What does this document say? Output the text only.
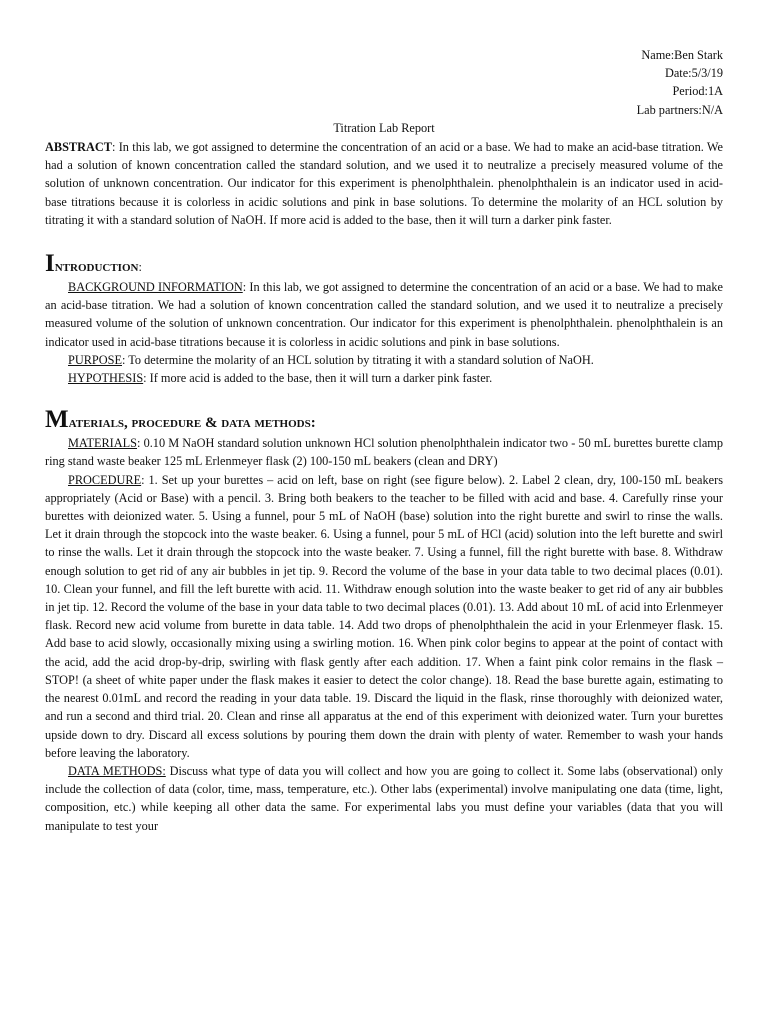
Name:Ben Stark
Date:5/3/19
Period:1A
Lab partners:N/A
Titration Lab Report

ABSTRACT: In this lab, we got assigned to determine the concentration of an acid or a base. We had to make an acid-base titration. We had a solution of known concentration called the standard solution, and we used it to neutralize a precisely measured volume of the solution of unknown concentration. Our indicator for this experiment is phenolphthalein. phenolphthalein is an indicator used in acid-base titrations because it is colorless in acidic solutions and pink in base solutions. To determine the molarity of an HCL solution by titrating it with a standard solution of NaOH. If more acid is added to the base, then it will turn a darker pink faster.

Introduction:

BACKGROUND INFORMATION: In this lab, we got assigned to determine the concentration of an acid or a base. We had to make an acid-base titration. We had a solution of known concentration called the standard solution, and we used it to neutralize a precisely measured volume of the solution of unknown concentration. Our indicator for this experiment is phenolphthalein. phenolphthalein is an indicator used in acid-base titrations because it is colorless in acidic solutions and pink in base solutions.

PURPOSE: To determine the molarity of an HCL solution by titrating it with a standard solution of NaOH.

HYPOTHESIS: If more acid is added to the base, then it will turn a darker pink faster.

Materials, procedure & data methods:

MATERIALS: 0.10 M NaOH standard solution unknown HCl solution phenolphthalein indicator two - 50 mL burettes burette clamp ring stand waste beaker 125 mL Erlenmeyer flask (2) 100-150 mL beakers (clean and DRY)

PROCEDURE: 1. Set up your burettes – acid on left, base on right (see figure below). 2. Label 2 clean, dry, 100-150 mL beakers appropriately (Acid or Base) with a pencil. 3. Bring both beakers to the teacher to be filled with acid and base. 4. Carefully rinse your burettes with deionized water. 5. Using a funnel, pour 5 mL of NaOH (base) solution into the right burette and swirl to rinse the walls. Let it drain through the stopcock into the waste beaker. 6. Using a funnel, pour 5 mL of HCl (acid) solution into the left burette and swirl to rinse the walls. Let it drain through the stopcock into the waste beaker. 7. Using a funnel, fill the right burette with base. 8. Withdraw enough solution to get rid of any air bubbles in jet tip. 9. Record the volume of the base in your data table to two decimal places (0.01). 10. Clean your funnel, and fill the left burette with acid. 11. Withdraw enough solution into the waste beaker to get rid of any air bubbles in jet tip. 12. Record the volume of the base in your data table to two decimal places (0.01). 13. Add about 10 mL of acid into Erlenmeyer flask. Record new acid volume from burette in data table. 14. Add two drops of phenolphthalein the acid in your Erlenmeyer flask. 15. Add base to acid slowly, occasionally mixing using a swirling motion. 16. When pink color begins to appear at the point of contact with the acid, add the acid drop-by-drip, swirling with flask gently after each addition. 17. When a faint pink color remains in the flask – STOP! (a sheet of white paper under the flask makes it easier to detect the color change). 18. Read the base burette again, estimating to the nearest 0.01mL and record the reading in your data table. 19. Discard the liquid in the flask, rinse thoroughly with deionized water, and run a second and third trial. 20. Clean and rinse all apparatus at the end of this experiment with deionized water. Turn your burettes upside down to dry. Discard all excess solutions by pouring them down the drain with plenty of water. Remember to wash your hands before leaving the laboratory.

DATA METHODS: Discuss what type of data you will collect and how you are going to collect it. Some labs (observational) only include the collection of data (color, time, mass, temperature, etc.). Other labs (experimental) involve manipulating one data (time, light, composition, etc.) while keeping all other data the same. For experimental labs you must define your variables (data that you will manipulate to test your
